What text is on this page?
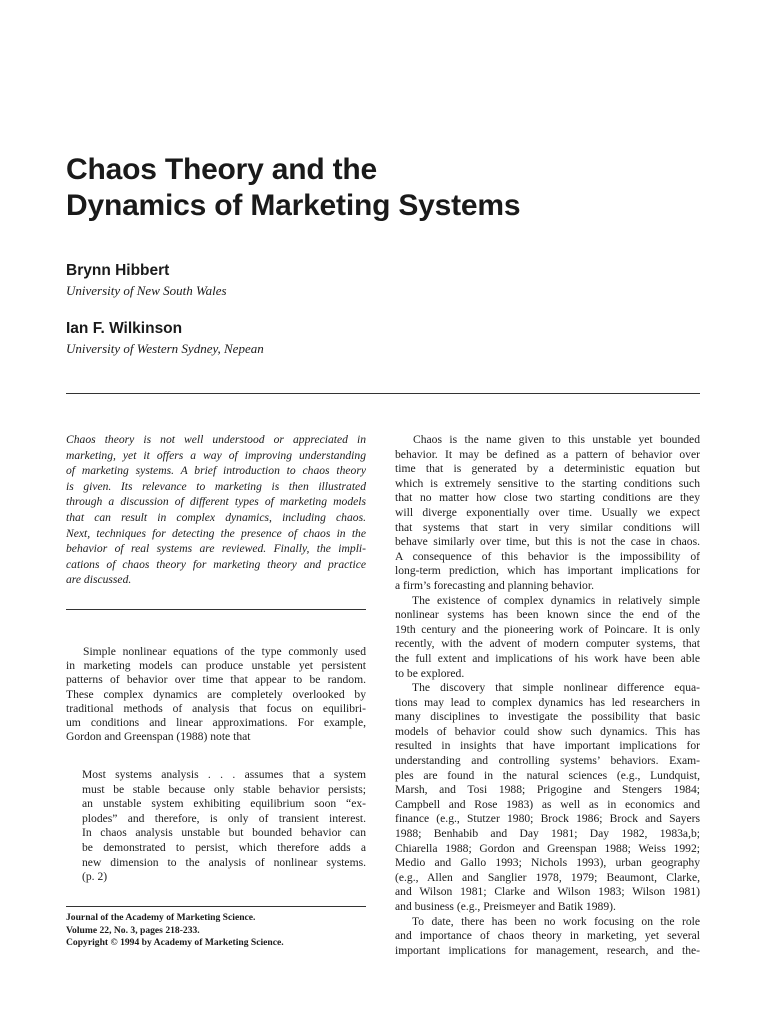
Chaos Theory and the
Dynamics of Marketing Systems
Brynn Hibbert
University of New South Wales
Ian F. Wilkinson
University of Western Sydney, Nepean
Chaos theory is not well understood or appreciated in
marketing, yet it offers a way of improving understanding
of marketing systems. A brief introduction to chaos theory
is given. Its relevance to marketing is then illustrated
through a discussion of different types of marketing models
that can result in complex dynamics, including chaos.
Next, techniques for detecting the presence of chaos in the
behavior of real systems are reviewed. Finally, the impli-
cations of chaos theory for marketing theory and practice
are discussed.
Simple nonlinear equations of the type commonly used
in marketing models can produce unstable yet persistent
patterns of behavior over time that appear to be random.
These complex dynamics are completely overlooked by
traditional methods of analysis that focus on equilibri-
um conditions and linear approximations. For example,
Gordon and Greenspan (1988) note that
Most systems analysis . . . assumes that a system
must be stable because only stable behavior persists;
an unstable system exhibiting equilibrium soon “ex-
plodes” and therefore, is only of transient interest.
In chaos analysis unstable but bounded behavior can
be demonstrated to persist, which therefore adds a
new dimension to the analysis of nonlinear systems.
(p. 2)
Journal of the Academy of Marketing Science.
Volume 22, No. 3, pages 218-233.
Copyright © 1994 by Academy of Marketing Science.
Chaos is the name given to this unstable yet bounded
behavior. It may be defined as a pattern of behavior over
time that is generated by a deterministic equation but
which is extremely sensitive to the starting conditions such
that no matter how close two starting conditions are they
will diverge exponentially over time. Usually we expect
that systems that start in very similar conditions will
behave similarly over time, but this is not the case in chaos.
A consequence of this behavior is the impossibility of
long-term prediction, which has important implications for
a firm’s forecasting and planning behavior.
The existence of complex dynamics in relatively simple
nonlinear systems has been known since the end of the
19th century and the pioneering work of Poincare. It is only
recently, with the advent of modern computer systems, that
the full extent and implications of his work have been able
to be explored.
The discovery that simple nonlinear difference equa-
tions may lead to complex dynamics has led researchers in
many disciplines to investigate the possibility that basic
models of behavior could show such dynamics. This has
resulted in insights that have important implications for
understanding and controlling systems’ behaviors. Exam-
ples are found in the natural sciences (e.g., Lundquist,
Marsh, and Tosi 1988; Prigogine and Stengers 1984;
Campbell and Rose 1983) as well as in economics and
finance (e.g., Stutzer 1980; Brock 1986; Brock and Sayers
1988; Benhabib and Day 1981; Day 1982, 1983a,b;
Chiarella 1988; Gordon and Greenspan 1988; Weiss 1992;
Medio and Gallo 1993; Nichols 1993), urban geography
(e.g., Allen and Sanglier 1978, 1979; Beaumont, Clarke,
and Wilson 1981; Clarke and Wilson 1983; Wilson 1981)
and business (e.g., Preismeyer and Batik 1989).
To date, there has been no work focusing on the role
and importance of chaos theory in marketing, yet several
important implications for management, research, and the-
